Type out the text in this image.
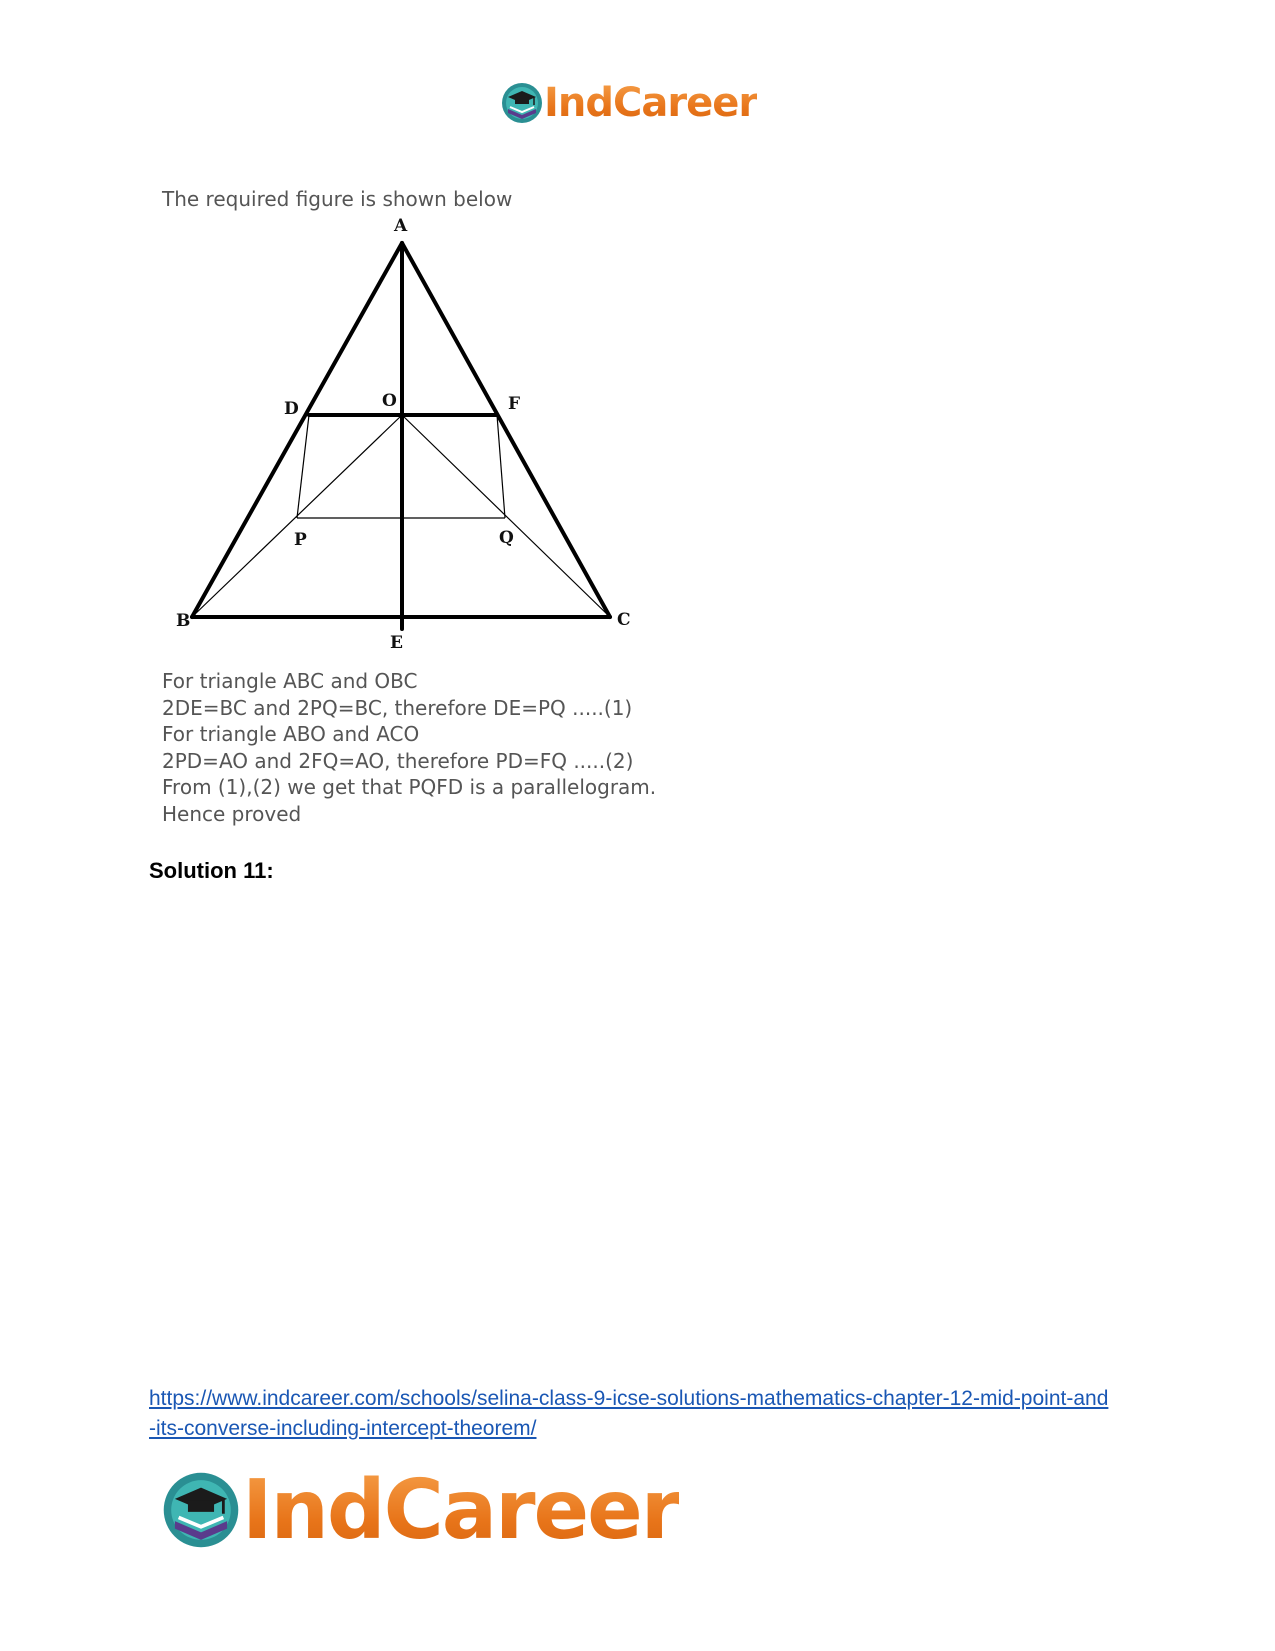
IndCareer
The required figure is shown below
A
B	C
D
E
F
O
P	Q
For triangle ABC and OBC
2DE=BC and 2PQ=BC, therefore DE=PQ .....(1)
For triangle ABO and ACO
2PD=AO and 2FQ=AO, therefore PD=FQ .....(2)
From (1),(2) we get that PQFD is a parallelogram.
Hence proved
Solution 11:
https://www.indcareer.com/schools/selina-class-9-icse-solutions-mathematics-chapter-12-mid-point-and-its-converse-including-intercept-theorem/
IndCareer
